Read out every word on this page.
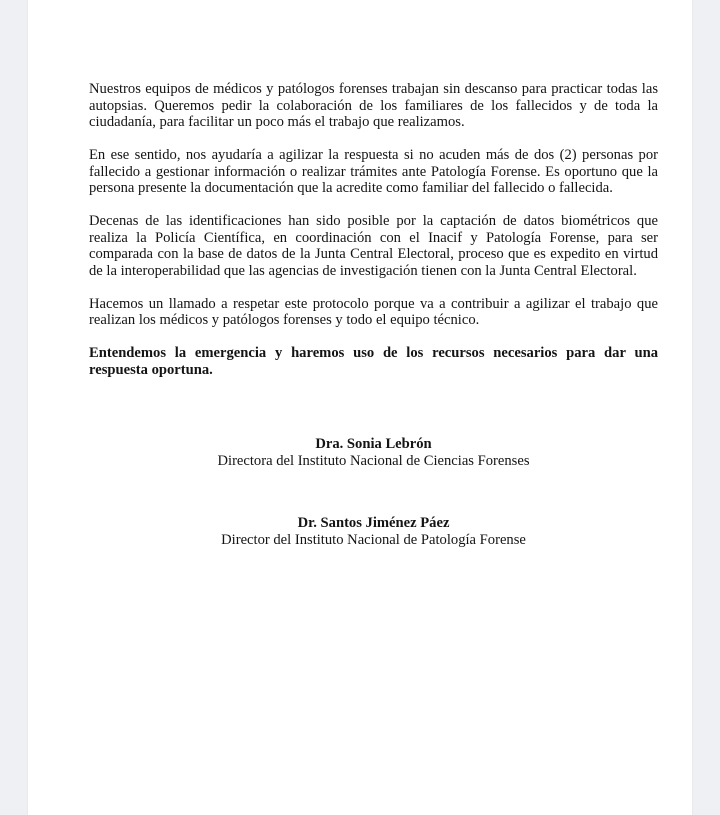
Nuestros equipos de médicos y patólogos forenses trabajan sin descanso para practicar todas las autopsias. Queremos pedir la colaboración de los familiares de los fallecidos y de toda la ciudadanía, para facilitar un poco más el trabajo que realizamos.

En ese sentido, nos ayudaría a agilizar la respuesta si no acuden más de dos (2) personas por fallecido a gestionar información o realizar trámites ante Patología Forense. Es oportuno que la persona presente la documentación que la acredite como familiar del fallecido o fallecida.

Decenas de las identificaciones han sido posible por la captación de datos biométricos que realiza la Policía Científica, en coordinación con el Inacif y Patología Forense, para ser comparada con la base de datos de la Junta Central Electoral, proceso que es expedito en virtud de la interoperabilidad que las agencias de investigación tienen con la Junta Central Electoral.

Hacemos un llamado a respetar este protocolo porque va a contribuir a agilizar el trabajo que realizan los médicos y patólogos forenses y todo el equipo técnico.

Entendemos la emergencia y haremos uso de los recursos necesarios para dar una respuesta oportuna.

Dra. Sonia Lebrón
Directora del Instituto Nacional de Ciencias Forenses
Dr. Santos Jiménez Páez
Director del Instituto Nacional de Patología Forense
